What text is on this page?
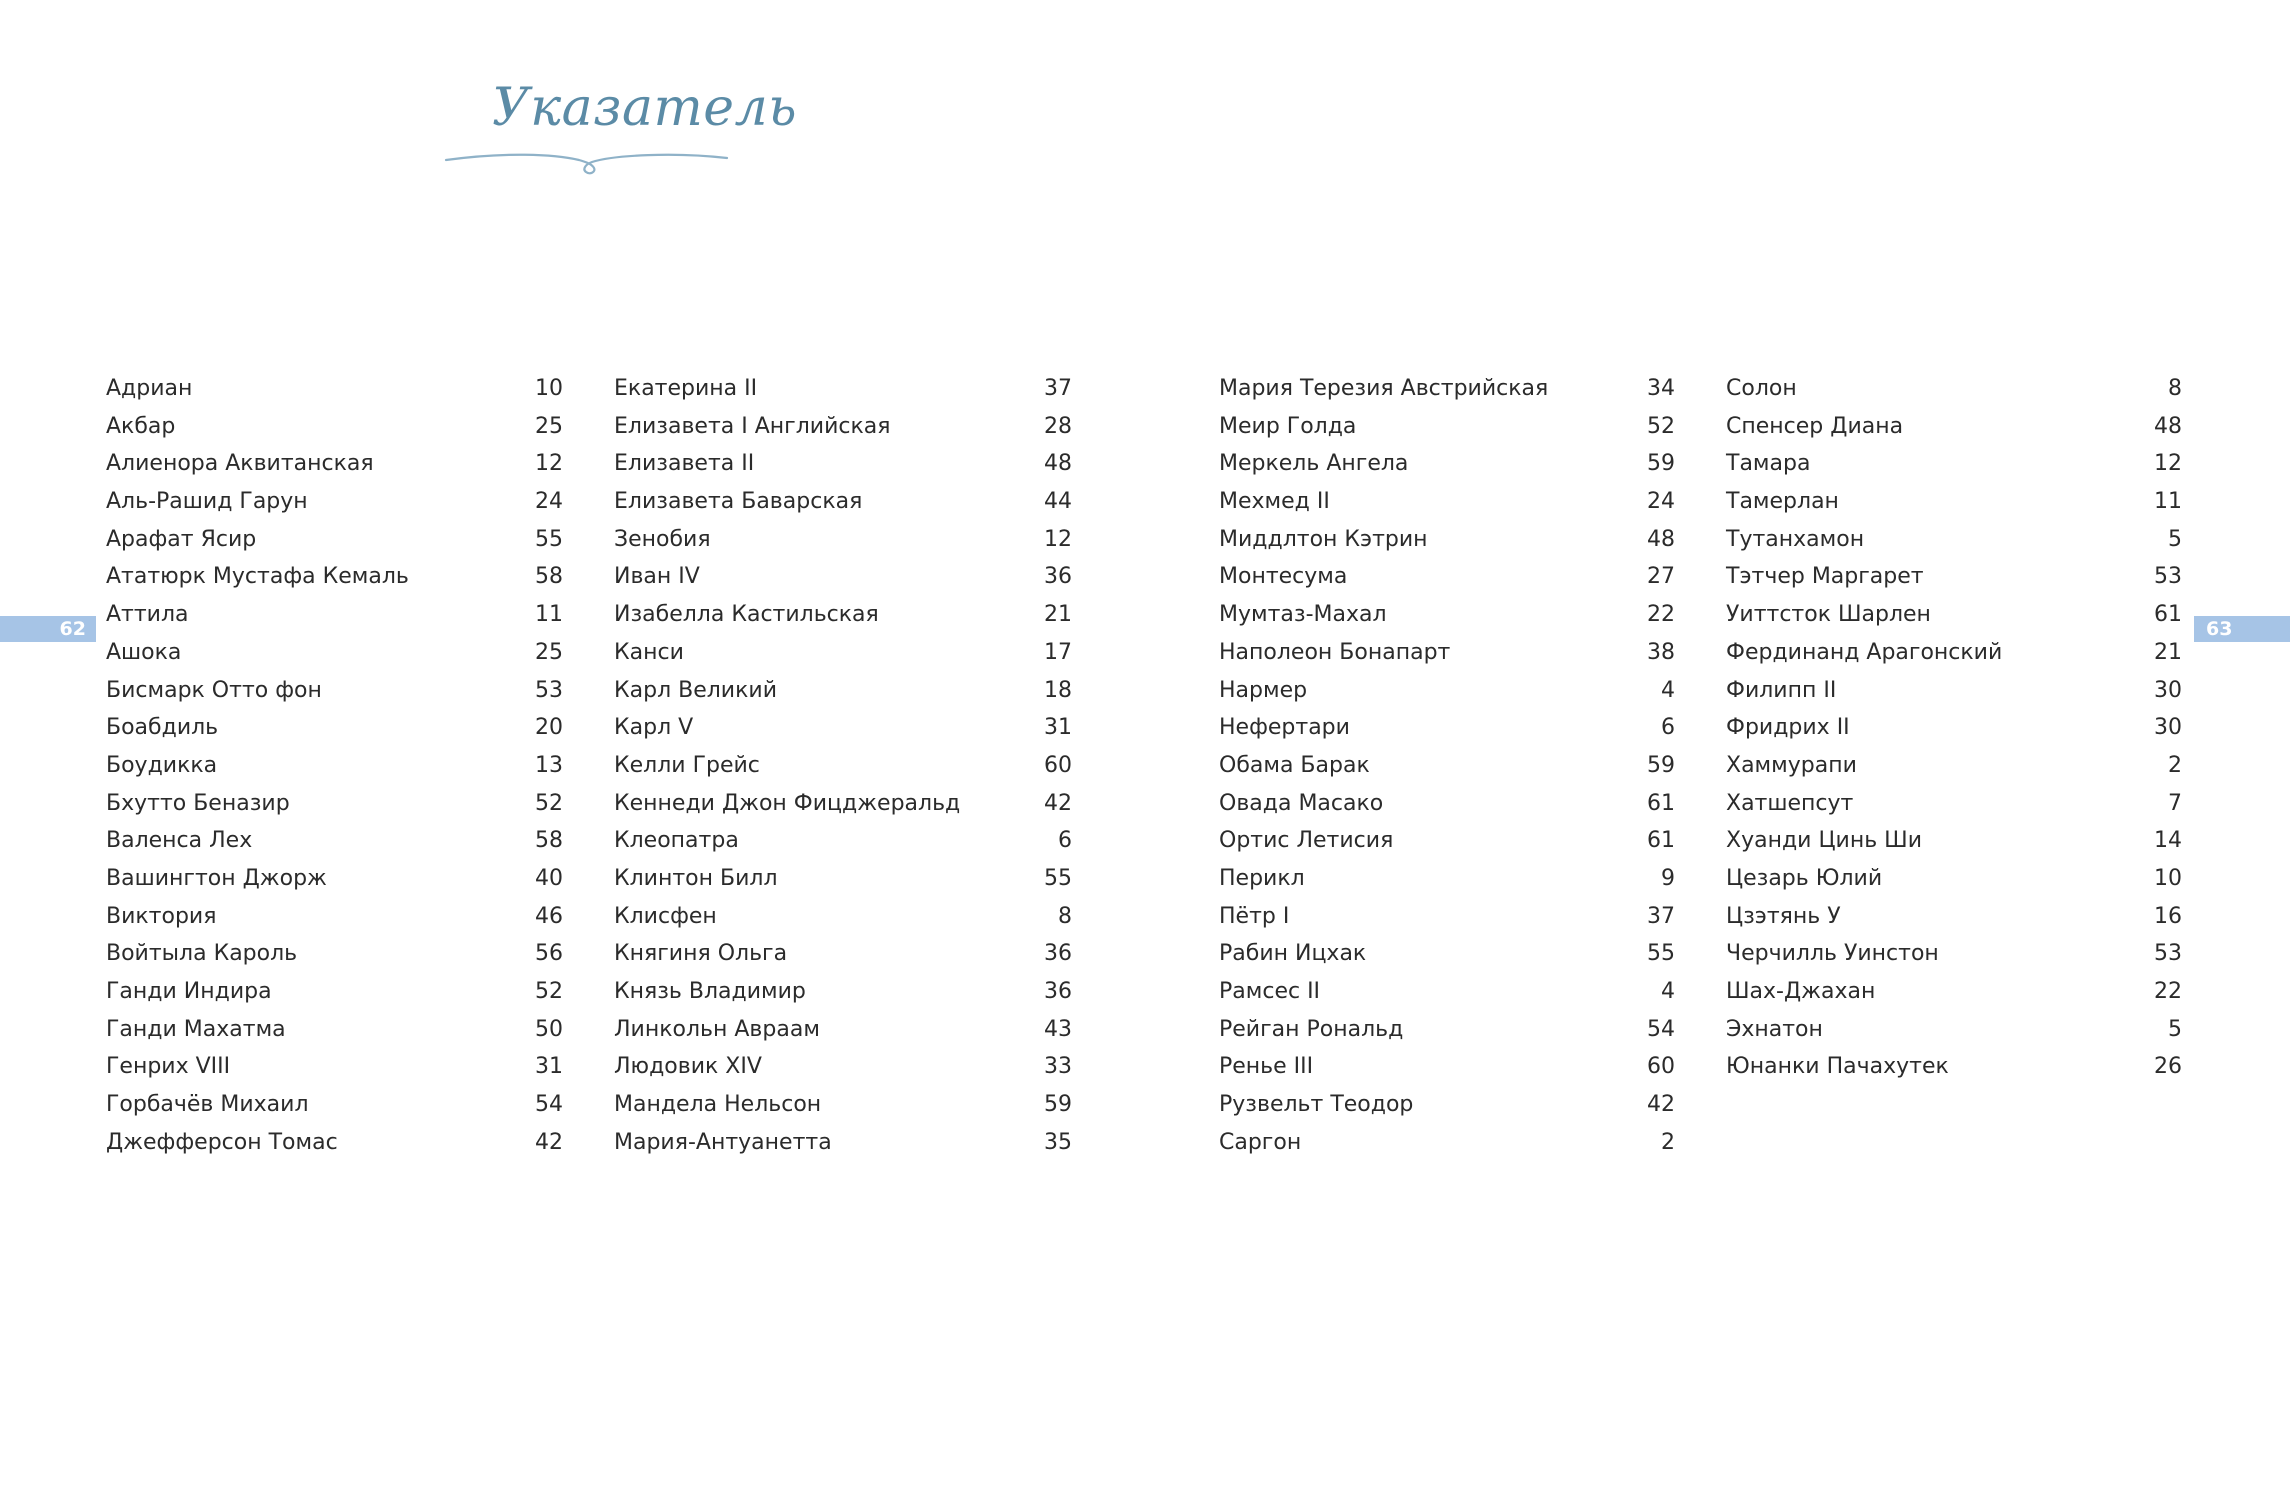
Указатель
62	63
Адриан	10
Акбар	25
Алиенора Аквитанская	12
Аль-Рашид Гарун	24
Арафат Ясир	55
Ататюрк Мустафа Кемаль	58
Аттила	11
Ашока	25
Бисмарк Отто фон	53
Боабдиль	20
Боудикка	13
Бхутто Беназир	52
Валенса Лех	58
Вашингтон Джорж	40
Виктория	46
Войтыла Кароль	56
Ганди Индира	52
Ганди Махатма	50
Генрих VIII	31
Горбачёв Михаил	54
Джефферсон Томас	42
Екатерина II	37
Елизавета I Английская	28
Елизавета II	48
Елизавета Баварская	44
Зенобия	12
Иван IV	36
Изабелла Кастильская	21
Канси	17
Карл Великий	18
Карл V	31
Келли Грейс	60
Кеннеди Джон Фицджеральд	42
Клеопатра	6
Клинтон Билл	55
Клисфен	8
Княгиня Ольга	36
Князь Владимир	36
Линкольн Авраам	43
Людовик XIV	33
Мандела Нельсон	59
Мария-Антуанетта	35
Мария Терезия Австрийская	34
Меир Голда	52
Меркель Ангела	59
Мехмед II	24
Миддлтон Кэтрин	48
Монтесума	27
Мумтаз-Махал	22
Наполеон Бонапарт	38
Нармер	4
Нефертари	6
Обама Барак	59
Овада Масако	61
Ортис Летисия	61
Перикл	9
Пётр I	37
Рабин Ицхак	55
Рамсес II	4
Рейган Рональд	54
Ренье III	60
Рузвельт Теодор	42
Саргон	2
Солон	8
Спенсер Диана	48
Тамара	12
Тамерлан	11
Тутанхамон	5
Тэтчер Маргарет	53
Уиттсток Шарлен	61
Фердинанд Арагонский	21
Филипп II	30
Фридрих II	30
Хаммурапи	2
Хатшепсут	7
Хуанди Цинь Ши	14
Цезарь Юлий	10
Цзэтянь У	16
Черчилль Уинстон	53
Шах-Джахан	22
Эхнатон	5
Юнанки Пачахутек	26
